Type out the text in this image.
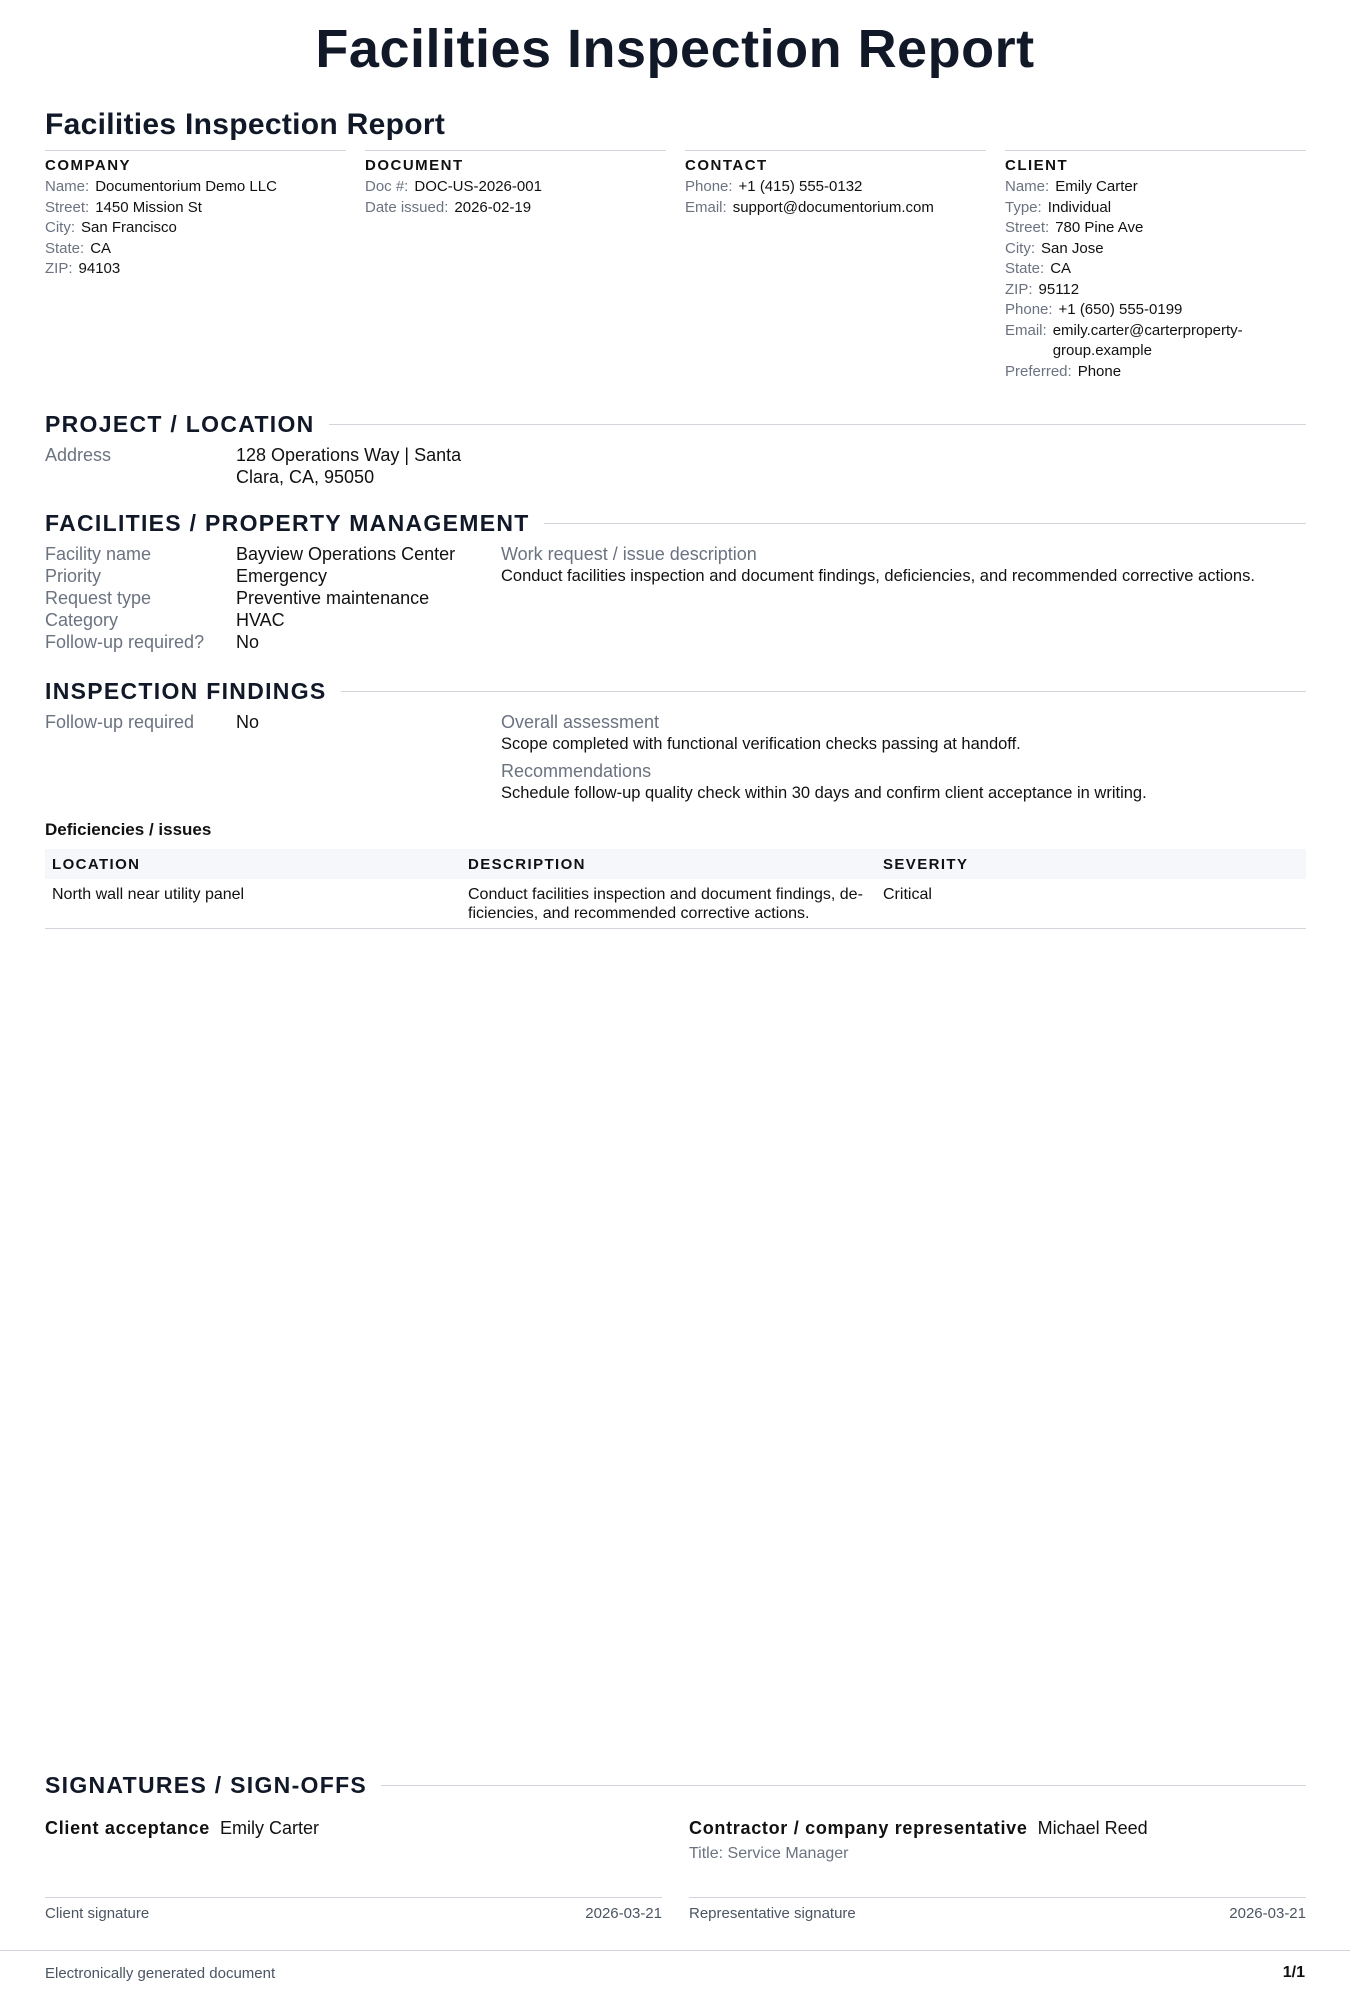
Facilities Inspection Report
Facilities Inspection Report
COMPANY
Name: Documentorium Demo LLC
Street: 1450 Mission St
City: San Francisco
State: CA
ZIP: 94103
DOCUMENT
Doc #: DOC-US-2026-001
Date issued: 2026-02-19
CONTACT
Phone: +1 (415) 555-0132
Email: support@documentorium.com
CLIENT
Name: Emily Carter
Type: Individual
Street: 780 Pine Ave
City: San Jose
State: CA
ZIP: 95112
Phone: +1 (650) 555-0199
Email: emily.carter@carterproperty-group.example
Preferred: Phone
PROJECT / LOCATION
Address	128 Operations Way | Santa Clara, CA, 95050
FACILITIES / PROPERTY MANAGEMENT
Facility name	Bayview Operations Center
Priority	Emergency
Request type	Preventive maintenance
Category	HVAC
Follow-up required?	No
Work request / issue description
Conduct facilities inspection and document findings, deficiencies, and recommended corrective actions.
INSPECTION FINDINGS
Follow-up required	No	Overall assessment
Scope completed with functional verification checks passing at handoff.
Recommendations
Schedule follow-up quality check within 30 days and confirm client acceptance in writing.
Deficiencies / issues
LOCATION	DESCRIPTION	SEVERITY
North wall near utility panel	Conduct facilities inspection and document findings, de-ficiencies, and recommended corrective actions.	Critical
SIGNATURES / SIGN-OFFS
Client acceptance Emily Carter
Client signature	2026-03-21
Contractor / company representative Michael Reed
Title: Service Manager
Representative signature	2026-03-21
Electronically generated document	1/1
